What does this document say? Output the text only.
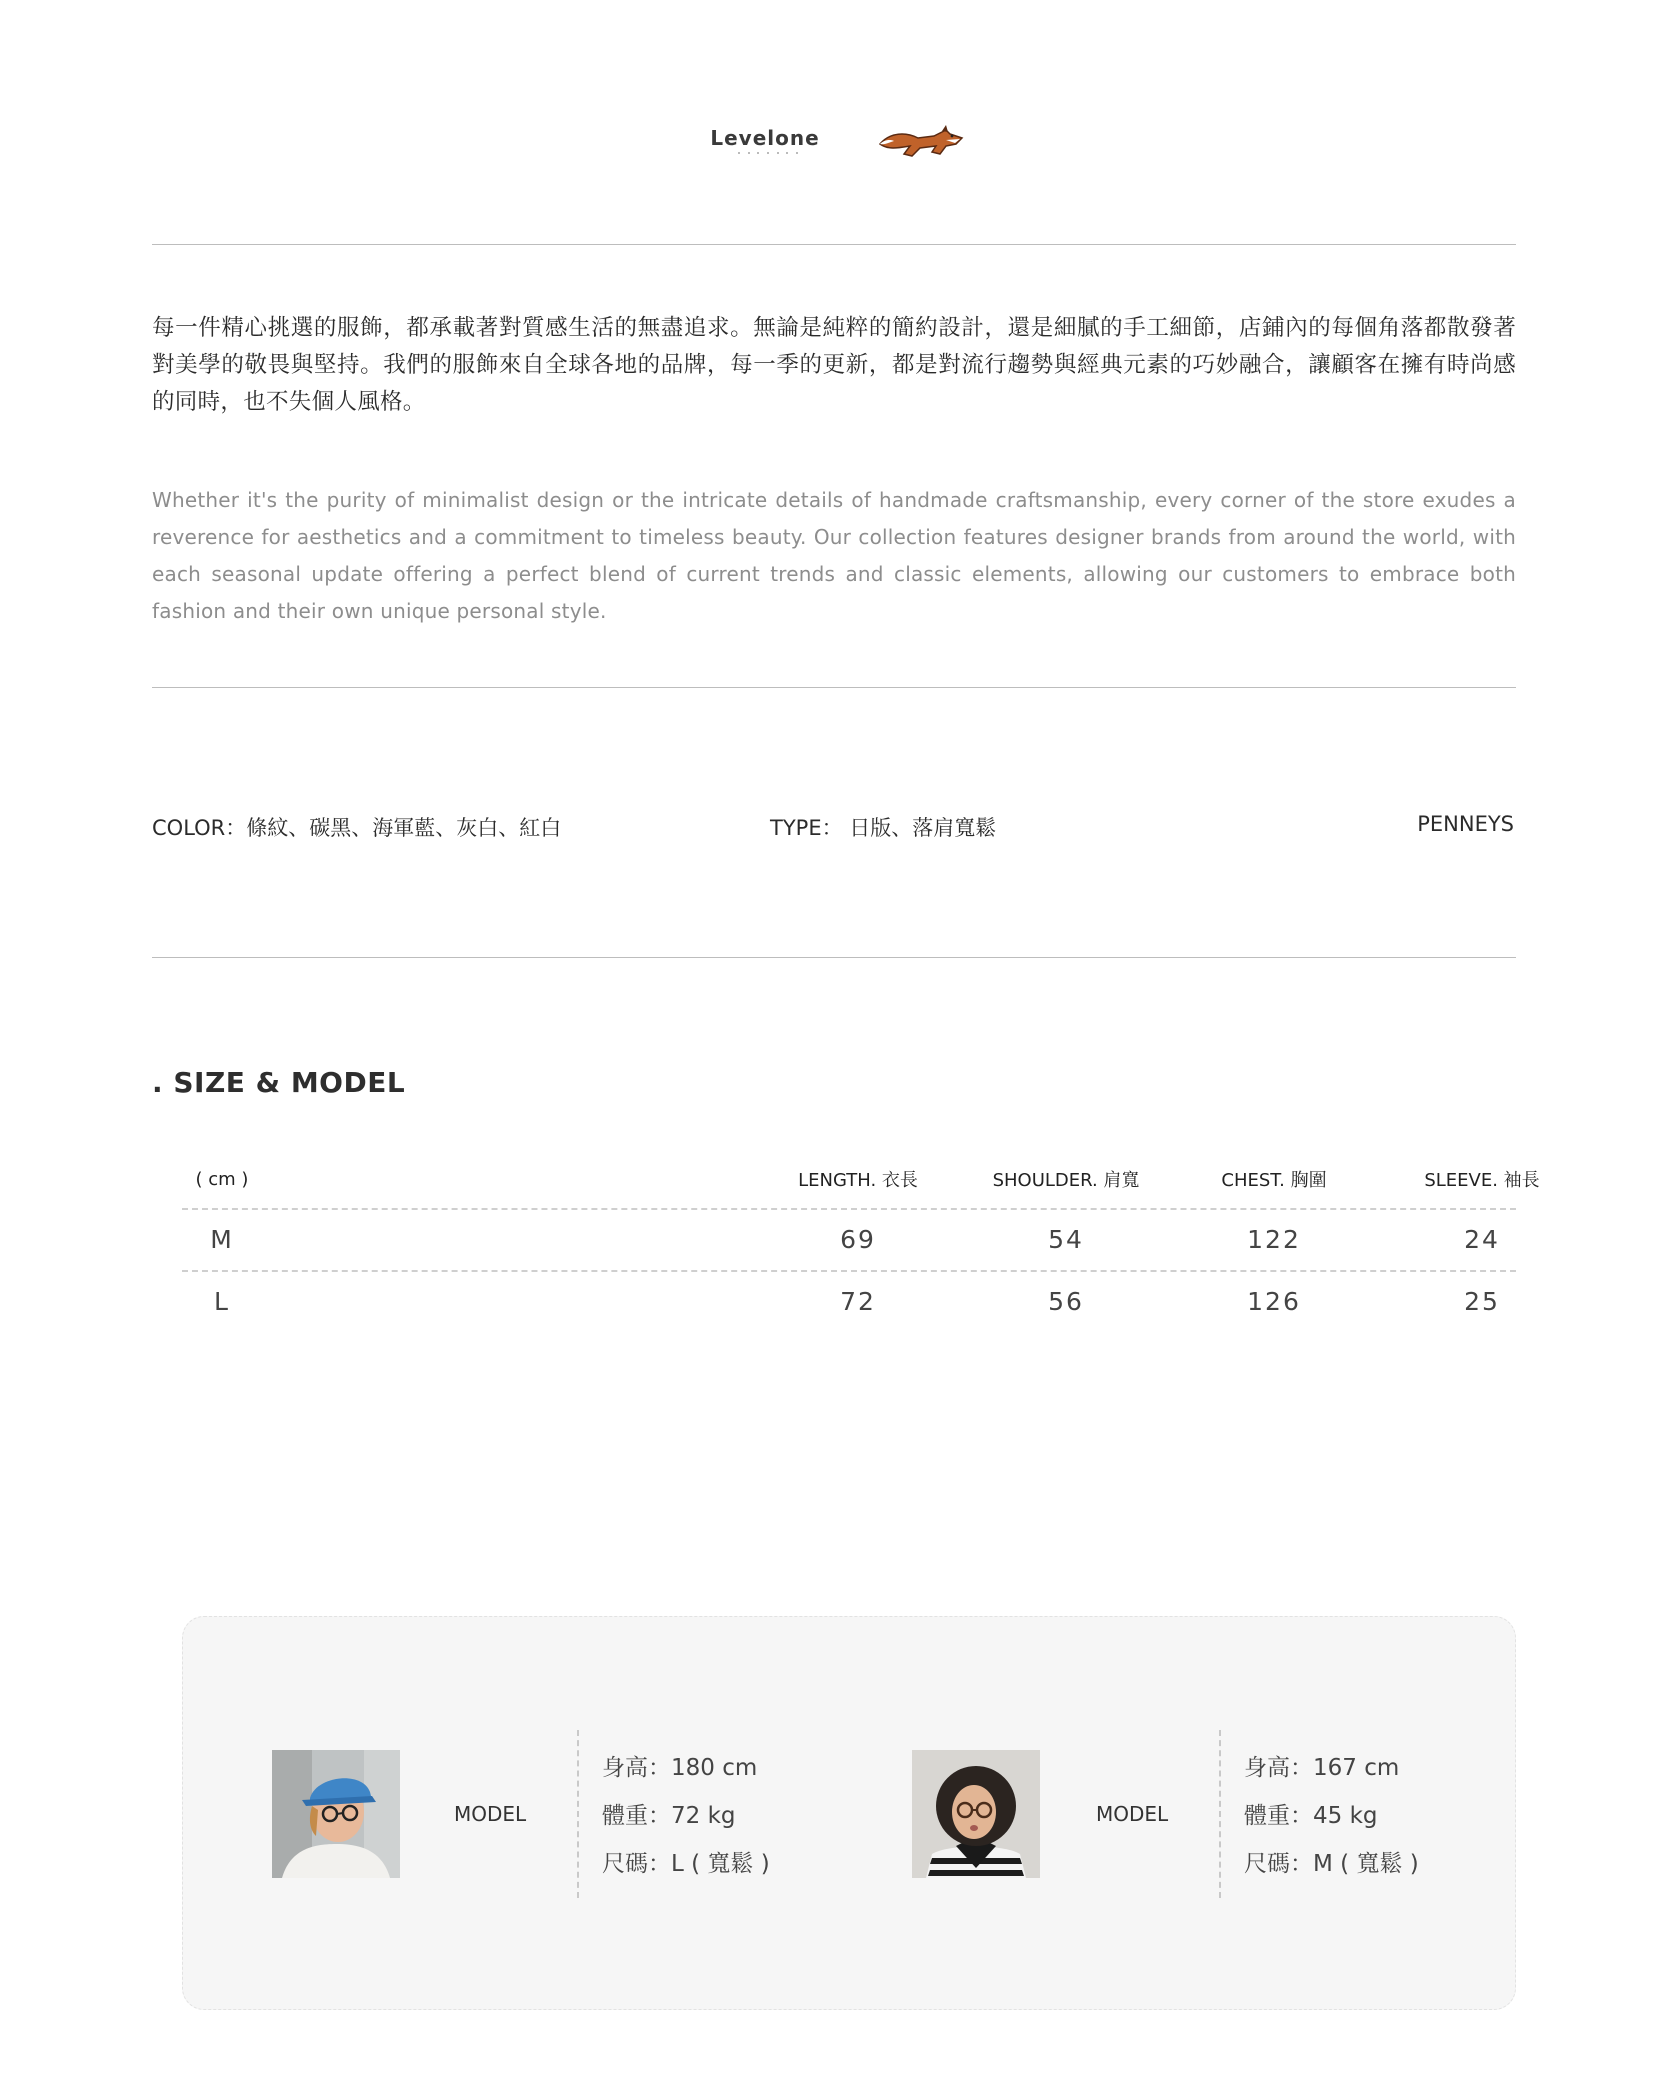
Levelone
每一件精心挑選的服飾，都承載著對質感生活的無盡追求。無論是純粹的簡約設計，還是細膩的手工細節，店鋪內的每個角落都散發著對美學的敬畏與堅持。我們的服飾來自全球各地的品牌，每一季的更新，都是對流行趨勢與經典元素的巧妙融合，讓顧客在擁有時尚感的同時，也不失個人風格。
Whether it's the purity of minimalist design or the intricate details of handmade craftsmanship, every corner of the store exudes a reverence for aesthetics and a commitment to timeless beauty. Our collection features designer brands from around the world, with each seasonal update offering a perfect blend of current trends and classic elements, allowing our customers to embrace both fashion and their own unique personal style.
COLOR：條紋、碳黑、海軍藍、灰白、紅白	TYPE： 日版、落肩寬鬆	PENNEYS
. SIZE & MODEL
( cm )	LENGTH. 衣長	SHOULDER. 肩寬	CHEST. 胸圍	SLEEVE. 袖長
M	69	54	122	24
L	72	56	126	25
MODEL
身高：180 cm
體重：72 kg
尺碼：L ( 寬鬆 )
MODEL
身高：167 cm
體重：45 kg
尺碼：M ( 寬鬆 )
